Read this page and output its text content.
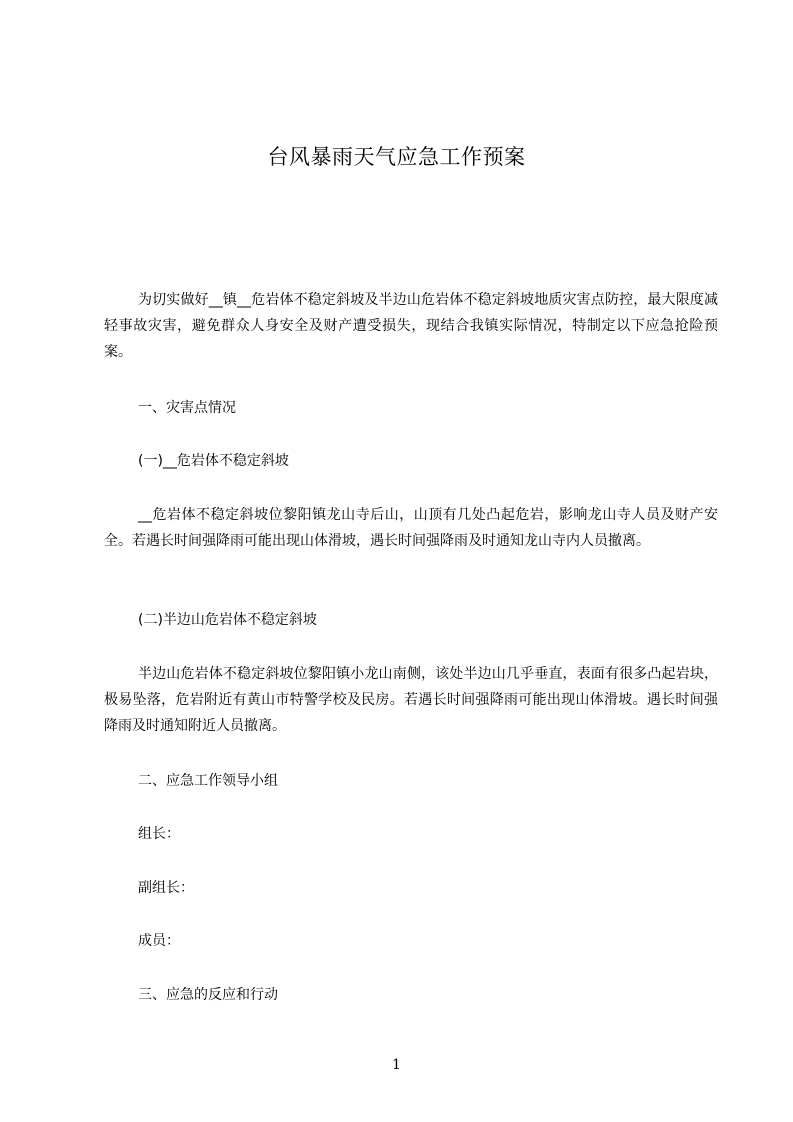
台风暴雨天气应急工作预案

为切实做好__镇__危岩体不稳定斜坡及半边山危岩体不稳定斜坡地质灾害点防控，最大限度减轻事故灾害，避免群众人身安全及财产遭受损失，现结合我镇实际情况，特制定以下应急抢险预案。

一、灾害点情况

(一)__危岩体不稳定斜坡

__危岩体不稳定斜坡位黎阳镇龙山寺后山，山顶有几处凸起危岩，影响龙山寺人员及财产安全。若遇长时间强降雨可能出现山体滑坡，遇长时间强降雨及时通知龙山寺内人员撤离。

(二)半边山危岩体不稳定斜坡

半边山危岩体不稳定斜坡位黎阳镇小龙山南侧，该处半边山几乎垂直，表面有很多凸起岩块，极易坠落，危岩附近有黄山市特警学校及民房。若遇长时间强降雨可能出现山体滑坡。遇长时间强降雨及时通知附近人员撤离。

二、应急工作领导小组

组长：

副组长：

成员：

三、应急的反应和行动

1
